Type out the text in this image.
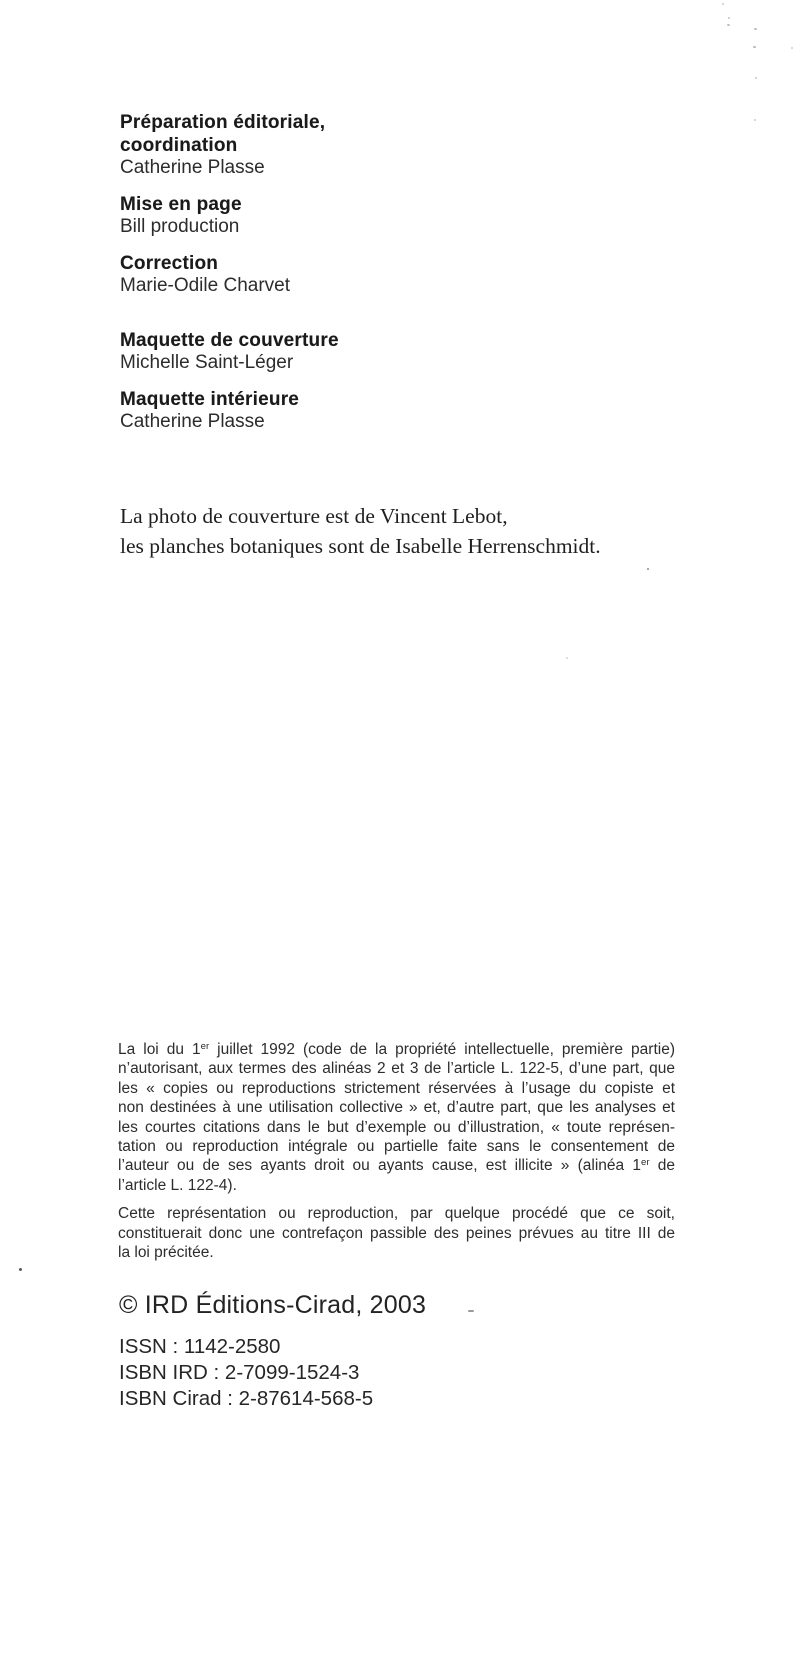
Préparation éditoriale,
coordination
Catherine Plasse
Mise en page
Bill production
Correction
Marie-Odile Charvet
Maquette de couverture
Michelle Saint-Léger
Maquette intérieure
Catherine Plasse
La photo de couverture est de Vincent Lebot,
les planches botaniques sont de Isabelle Herrenschmidt.
La loi du 1er juillet 1992 (code de la propriété intellectuelle, première partie)
n’autorisant, aux termes des alinéas 2 et 3 de l’article L. 122-5, d’une part, que
les « copies ou reproductions strictement réservées à l’usage du copiste et
non destinées à une utilisation collective » et, d’autre part, que les analyses et
les courtes citations dans le but d’exemple ou d’illustration, « toute représen-
tation ou reproduction intégrale ou partielle faite sans le consentement de
l’auteur ou de ses ayants droit ou ayants cause, est illicite » (alinéa 1er de
l’article L. 122-4).
Cette représentation ou reproduction, par quelque procédé que ce soit,
constituerait donc une contrefaçon passible des peines prévues au titre III de
la loi précitée.
© IRD Éditions-Cirad, 2003
ISSN : 1142-2580
ISBN IRD : 2-7099-1524-3
ISBN Cirad : 2-87614-568-5
